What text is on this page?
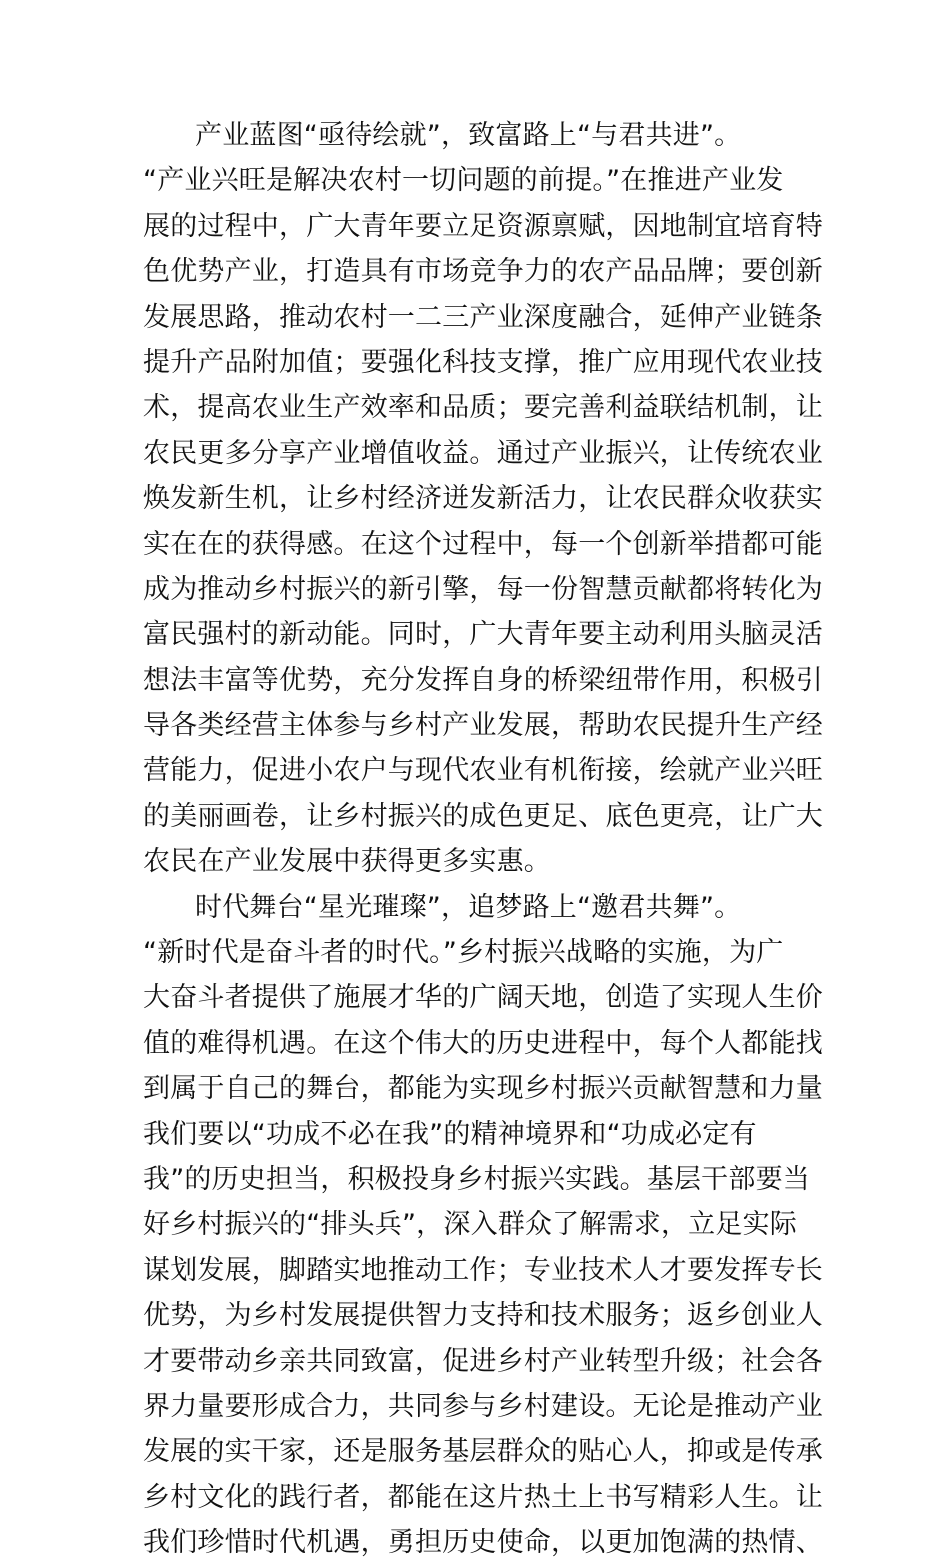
产业蓝图“亟待绘就”，致富路上“与君共进”。
“产业兴旺是解决农村一切问题的前提。”在推进产业发
展的过程中，广大青年要立足资源禀赋，因地制宜培育特
色优势产业，打造具有市场竞争力的农产品品牌；要创新
发展思路，推动农村一二三产业深度融合，延伸产业链条
提升产品附加值；要强化科技支撑，推广应用现代农业技
术，提高农业生产效率和品质；要完善利益联结机制，让
农民更多分享产业增值收益。通过产业振兴，让传统农业
焕发新生机，让乡村经济迸发新活力，让农民群众收获实
实在在的获得感。在这个过程中，每一个创新举措都可能
成为推动乡村振兴的新引擎，每一份智慧贡献都将转化为
富民强村的新动能。同时，广大青年要主动利用头脑灵活
想法丰富等优势，充分发挥自身的桥梁纽带作用，积极引
导各类经营主体参与乡村产业发展，帮助农民提升生产经
营能力，促进小农户与现代农业有机衔接，绘就产业兴旺
的美丽画卷，让乡村振兴的成色更足、底色更亮，让广大
农民在产业发展中获得更多实惠。
时代舞台“星光璀璨”，追梦路上“邀君共舞”。
“新时代是奋斗者的时代。”乡村振兴战略的实施，为广
大奋斗者提供了施展才华的广阔天地，创造了实现人生价
值的难得机遇。在这个伟大的历史进程中，每个人都能找
到属于自己的舞台，都能为实现乡村振兴贡献智慧和力量
我们要以“功成不必在我”的精神境界和“功成必定有
我”的历史担当，积极投身乡村振兴实践。基层干部要当
好乡村振兴的“排头兵”，深入群众了解需求，立足实际
谋划发展，脚踏实地推动工作；专业技术人才要发挥专长
优势，为乡村发展提供智力支持和技术服务；返乡创业人
才要带动乡亲共同致富，促进乡村产业转型升级；社会各
界力量要形成合力，共同参与乡村建设。无论是推动产业
发展的实干家，还是服务基层群众的贴心人，抑或是传承
乡村文化的践行者，都能在这片热土上书写精彩人生。让
我们珍惜时代机遇，勇担历史使命，以更加饱满的热情、
